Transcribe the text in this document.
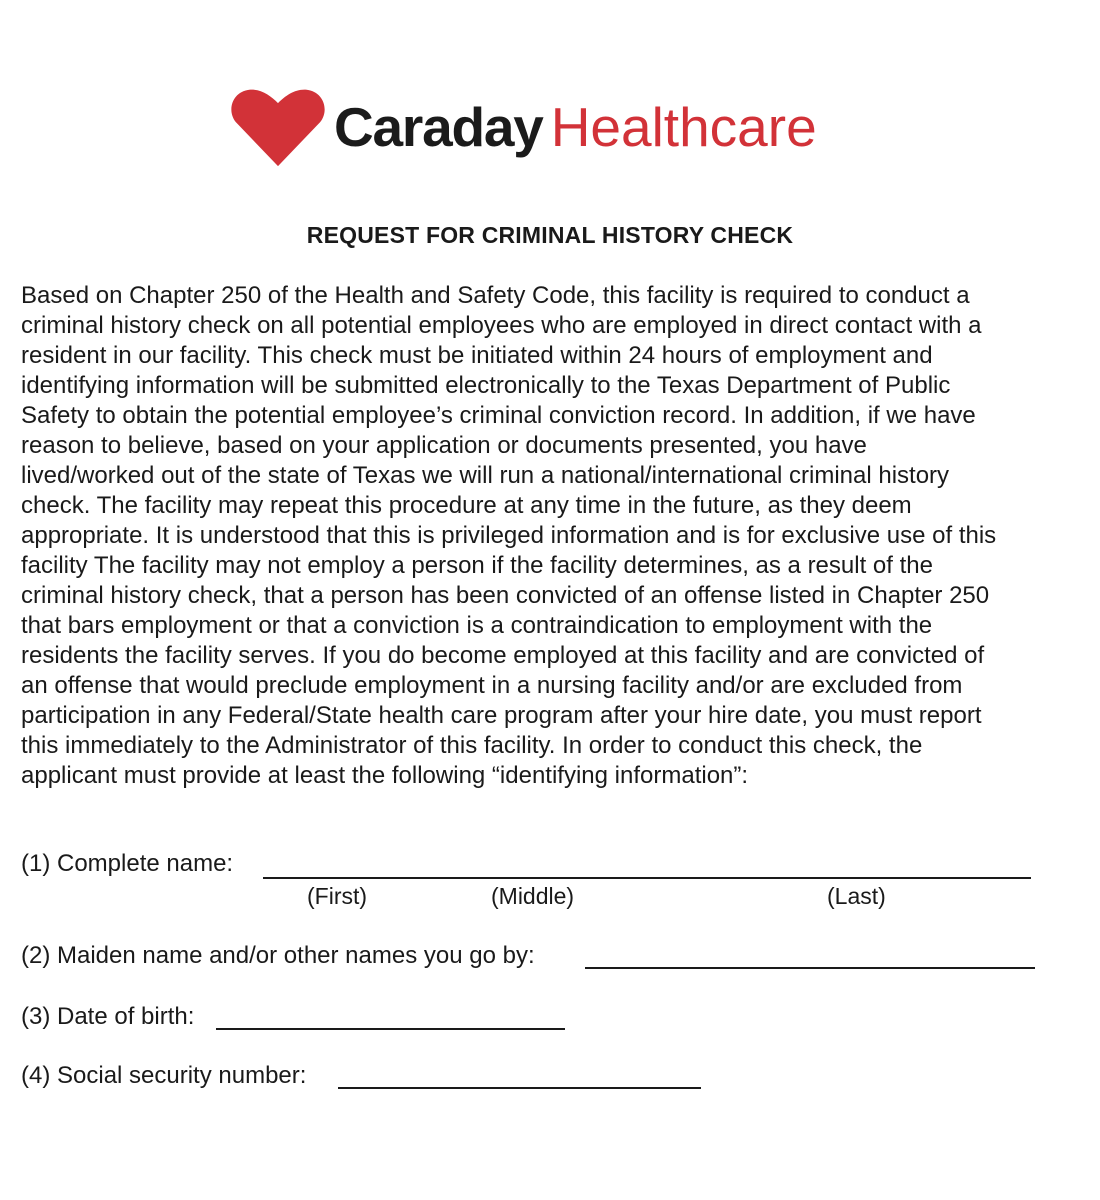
Caraday Healthcare
REQUEST FOR CRIMINAL HISTORY CHECK
Based on Chapter 250 of the Health and Safety Code, this facility is required to conduct a
criminal history check on all potential employees who are employed in direct contact with a
resident in our facility. This check must be initiated within 24 hours of employment and
identifying information will be submitted electronically to the Texas Department of Public
Safety to obtain the potential employee’s criminal conviction record. In addition, if we have
reason to believe, based on your application or documents presented, you have
lived/worked out of the state of Texas we will run a national/international criminal history
check. The facility may repeat this procedure at any time in the future, as they deem
appropriate. It is understood that this is privileged information and is for exclusive use of this
facility The facility may not employ a person if the facility determines, as a result of the
criminal history check, that a person has been convicted of an offense listed in Chapter 250
that bars employment or that a conviction is a contraindication to employment with the
residents the facility serves. If you do become employed at this facility and are convicted of
an offense that would preclude employment in a nursing facility and/or are excluded from
participation in any Federal/State health care program after your hire date, you must report
this immediately to the Administrator of this facility. In order to conduct this check, the
applicant must provide at least the following “identifying information”:
(1) Complete name:
(First)	(Middle)	(Last)
(2) Maiden name and/or other names you go by:
(3) Date of birth:
(4) Social security number:
